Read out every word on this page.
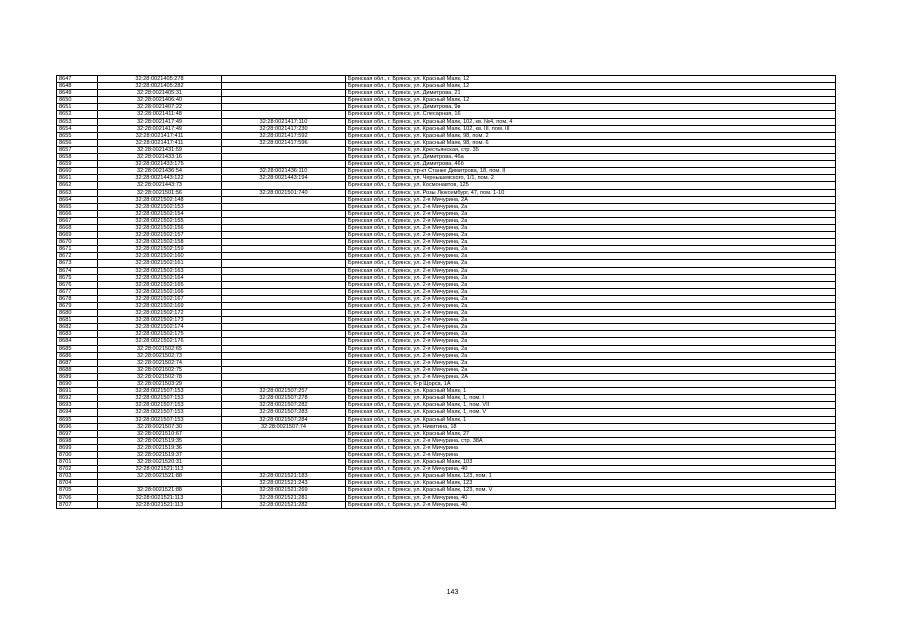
8647	32:28:0021405:278		Брянская обл., г. Брянск, ул. Красный Маяк, 12
8648	32:28:0021405:282		Брянская обл., г. Брянск, ул. Красный Маяк, 12
8649	32:28:0021405:31		Брянская обл., г. Брянск, ул. Димитрова, 21
8650	32:28:0021406:40		Брянская обл., г. Брянск, ул. Красный Маяк, 12
8651	32:28:0021407:22		Брянская обл., г. Брянск, ул. Димитрова, 9в
8652	32:28:0021411:48		Брянская обл., г. Брянск, ул. Слесарная, 16
8653	32:28:0021417:49	32:28:0021417:110	Брянская обл., г. Брянск, ул. Красный Маяк, 102, кв. №4, пом. 4
8654	32:28:0021417:49	32:28:0021417:230	Брянская обл., г. Брянск, ул. Красный Маяк, 102, кв. III, пом. III
8655	32:28:0021417:411	32:28:0021417:592	Брянская обл., г. Брянск, ул. Красный Маяк, 98, пом. 2
8656	32:28:0021417:411	32:28:0021417:596	Брянская обл., г. Брянск, ул. Красный Маяк, 98, пом. 6
8657	32:28:0021431:59		Брянская обл., г. Брянск, ул. Крестьянская, стр. 35
8658	32:28:0021433:16		Брянская обл., г. Брянск, ул. Димитрова, 46а
8659	32:28:0021433:175		Брянская обл., г. Брянск, ул. Димитрова, 46б
8660	32:28:0021436:54	32:28:0021436:110	Брянская обл., г. Брянск, пр-кт Станке Димитрова, 18, пом. II
8661	32:28:0021443:122	32:28:0021443:194	Брянская обл., г. Брянск, ул. Чернышевского, 1/1, пом. 2
8662	32:28:0021443:73		Брянская обл., г. Брянск, ул. Космонавтов, 125
8663	32:28:0021501:56	32:28:0021501:740	Брянская обл., г. Брянск, ул. Розы Люксембург, 47, пом. 1-10
8664	32:28:0021502:148		Брянская обл., г. Брянск, ул. 2-я Мичурина, 2А
8665	32:28:0021502:153		Брянская обл., г. Брянск, ул. 2-я Мичурина, 2а
8666	32:28:0021502:154		Брянская обл., г. Брянск, ул. 2-я Мичурина, 2а
8667	32:28:0021502:155		Брянская обл., г. Брянск, ул. 2-я Мичурина, 2а
8668	32:28:0021502:156		Брянская обл., г. Брянск, ул. 2-я Мичурина, 2а
8669	32:28:0021502:157		Брянская обл., г. Брянск, ул. 2-я Мичурина, 2а
8670	32:28:0021502:158		Брянская обл., г. Брянск, ул. 2-я Мичурина, 2а
8671	32:28:0021502:159		Брянская обл., г. Брянск, ул. 2-я Мичурина, 2а
8672	32:28:0021502:160		Брянская обл., г. Брянск, ул. 2-я Мичурина, 2а
8673	32:28:0021502:161		Брянская обл., г. Брянск, ул. 2-я Мичурина, 2а
8674	32:28:0021502:163		Брянская обл., г. Брянск, ул. 2-я Мичурина, 2а
8675	32:28:0021502:164		Брянская обл., г. Брянск, ул. 2-я Мичурина, 2а
8676	32:28:0021502:165		Брянская обл., г. Брянск, ул. 2-я Мичурина, 2а
8677	32:28:0021502:166		Брянская обл., г. Брянск, ул. 2-я Мичурина, 2а
8678	32:28:0021502:167		Брянская обл., г. Брянск, ул. 2-я Мичурина, 2а
8679	32:28:0021502:169		Брянская обл., г. Брянск, ул. 2-я Мичурина, 2а
8680	32:28:0021502:172		Брянская обл., г. Брянск, ул. 2-я Мичурина, 2а
8681	32:28:0021502:173		Брянская обл., г. Брянск, ул. 2-я Мичурина, 2а
8682	32:28:0021502:174		Брянская обл., г. Брянск, ул. 2-я Мичурина, 2а
8683	32:28:0021502:175		Брянская обл., г. Брянск, ул. 2-я Мичурина, 2а
8684	32:28:0021502:176		Брянская обл., г. Брянск, ул. 2-я Мичурина, 2а
8685	32:28:0021502:65		Брянская обл., г. Брянск, ул. 2-я Мичурина, 2а
8686	32:28:0021502:73		Брянская обл., г. Брянск, ул. 2-я Мичурина, 2а
8687	32:28:0021502:74		Брянская обл., г. Брянск, ул. 2-я Мичурина, 2а
8688	32:28:0021502:75		Брянская обл., г. Брянск, ул. 2-я Мичурина, 2а
8689	32:28:0021502:78		Брянская обл., г. Брянск, ул. 2-я Мичурина, 2А
8690	32:28:0021503:29		Брянская обл., г. Брянск, б-р Щорса, 1А
8691	32:28:0021507:153	32:28:0021507:257	Брянская обл., г. Брянск, ул. Красный Маяк, 1
8692	32:28:0021507:153	32:28:0021507:278	Брянская обл., г. Брянск, ул. Красный Маяк, 1, пом. I
8693	32:28:0021507:153	32:28:0021507:282	Брянская обл., г. Брянск, ул. Красный Маяк, 1, пом. VII
8694	32:28:0021507:153	32:28:0021507:283	Брянская обл., г. Брянск, ул. Красный Маяк, 1, пом. V
8695	32:28:0021507:153	32:28:0021507:284	Брянская обл., г. Брянск, ул. Красный Маяк, 1
8696	32:28:0021507:30	32:28:0021507:74	Брянская обл., г. Брянск, ул. Никитина, 18
8697	32:28:0021510:67		Брянская обл., г. Брянск, ул. Красный Маяк, 27
8698	32:28:0021519:35		Брянская обл., г. Брянск, ул. 2-я Мичурина, стр. 38А
8699	32:28:0021519:36		Брянская обл., г. Брянск, ул. 2-я Мичурина
8700	32:28:0021519:37		Брянская обл., г. Брянск, ул. 2-я Мичурина
8701	32:28:0021520:31		Брянская обл., г. Брянск, ул. Красный Маяк, 103
8702	32:28:0021521:113		Брянская обл., г. Брянск, ул. 2-я Мичурина, 40
8703	32:28:0021521:88	32:28:0021521:183	Брянская обл., г. Брянск, ул. Красный Маяк, 123, пом. 1
8704		32:28:0021521:243	Брянская обл., г. Брянск, ул. Красный Маяк, 123
8705	32:28:0021521:88	32:28:0021521:269	Брянская обл., г. Брянск, ул. Красный Маяк, 123, пом. V
8706	32:28:0021521:113	32:28:0021521:281	Брянская обл., г. Брянск, ул. 2-я Мичурина, 40
8707	32:28:0021521:113	32:28:0021521:282	Брянская обл., г. Брянск, ул. 2-я Мичурина, 40
143
